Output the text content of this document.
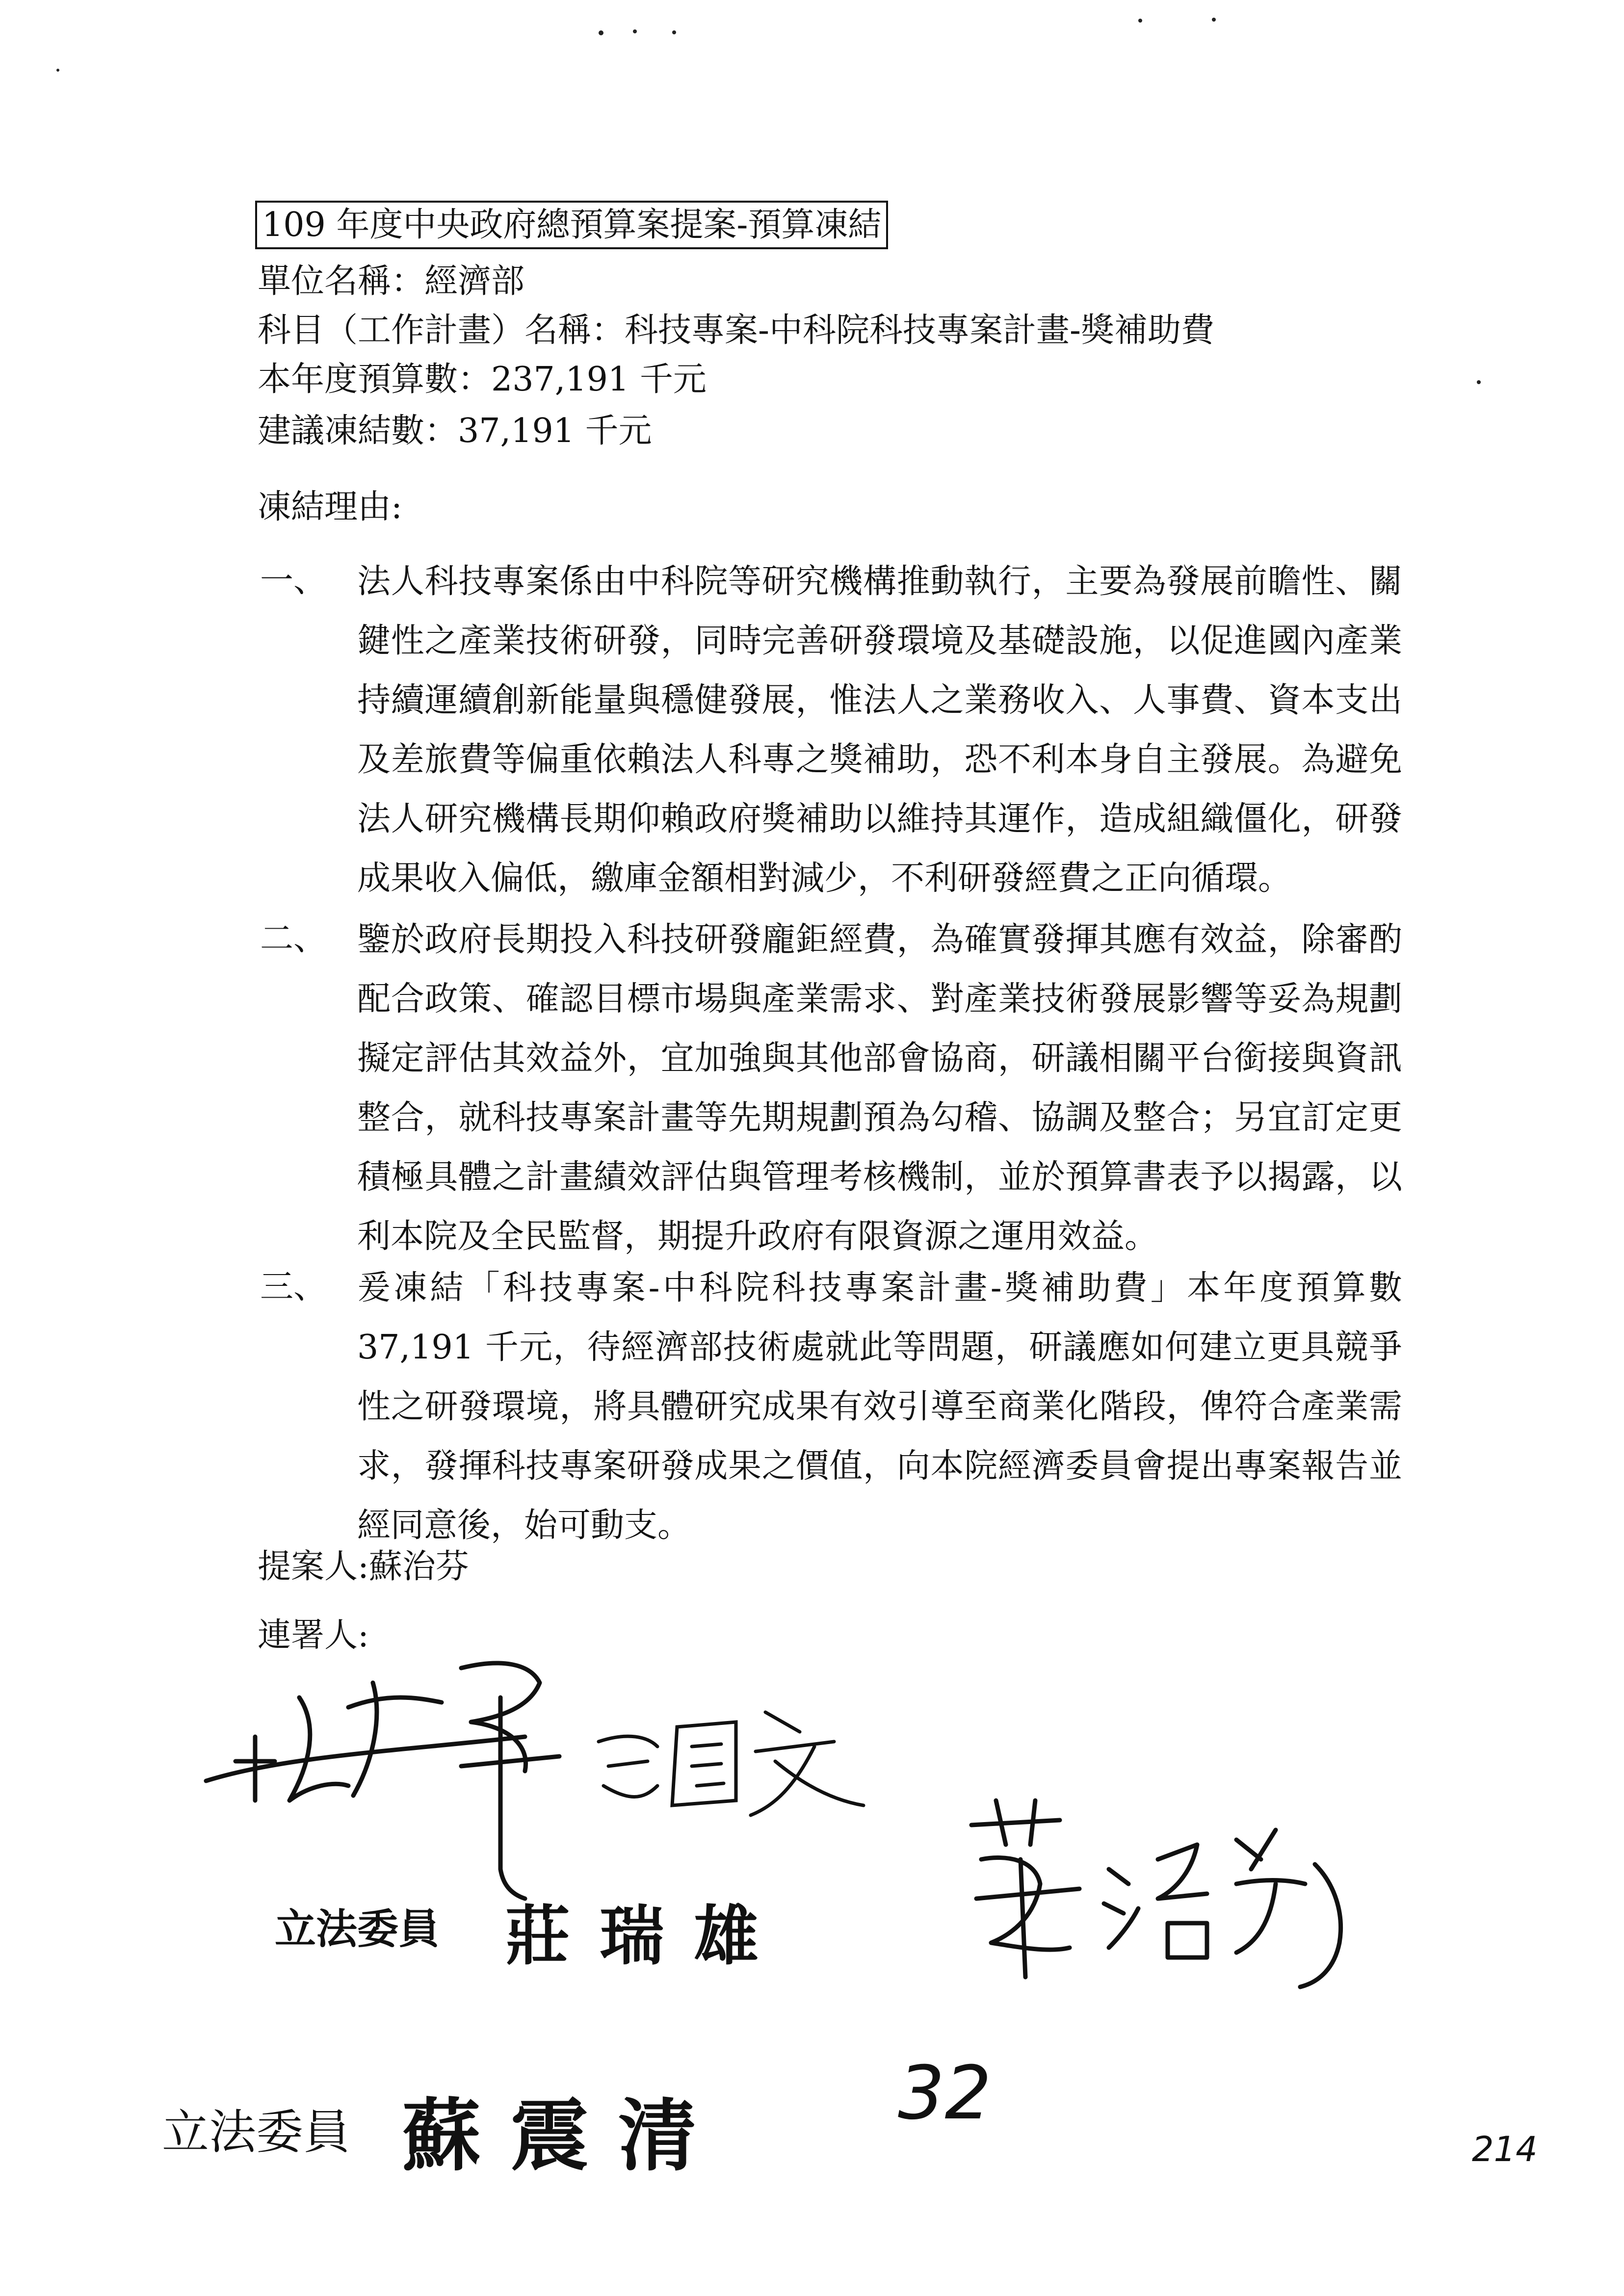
109 年度中央政府總預算案提案-預算凍結
單位名稱：經濟部
科目（工作計畫）名稱：科技專案-中科院科技專案計畫-獎補助費
本年度預算數：237,191 千元
建議凍結數：37,191 千元
凍結理由:
一、 法人科技專案係由中科院等研究機構推動執行，主要為發展前瞻性、關鍵性之產業技術研發，同時完善研發環境及基礎設施，以促進國內產業持續運續創新能量與穩健發展，惟法人之業務收入、人事費、資本支出及差旅費等偏重依賴法人科專之獎補助，恐不利本身自主發展。為避免法人研究機構長期仰賴政府獎補助以維持其運作，造成組織僵化，研發成果收入偏低，繳庫金額相對減少，不利研發經費之正向循環。
二、 鑒於政府長期投入科技研發龐鉅經費，為確實發揮其應有效益，除審酌配合政策、確認目標市場與產業需求、對產業技術發展影響等妥為規劃擬定評估其效益外，宜加強與其他部會協商，研議相關平台銜接與資訊整合，就科技專案計畫等先期規劃預為勾稽、協調及整合；另宜訂定更積極具體之計畫績效評估與管理考核機制，並於預算書表予以揭露，以利本院及全民監督，期提升政府有限資源之運用效益。
三、 爰凍結「科技專案-中科院科技專案計畫-獎補助費」本年度預算數 37,191 千元，待經濟部技術處就此等問題，研議應如何建立更具競爭性之研發環境，將具體研究成果有效引導至商業化階段，俾符合產業需求，發揮科技專案研發成果之價值，向本院經濟委員會提出專案報告並經同意後，始可動支。
提案人:蘇治芬
連署人:
立法委員 莊瑞雄
立法委員 蘇震清 32
214
